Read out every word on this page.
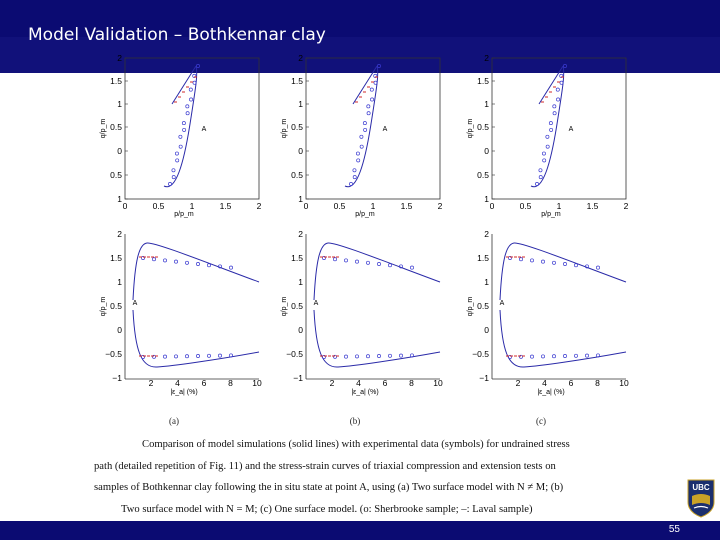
Model Validation – Bothkennar clay
2
1.5
1
0.5
0
0.5
1
0	0.5	1	1.5	2
p/p_m
q/p_m	A
2
1.5
1
0.5
0
−0.5
−1	2	4	6	8 10
|ε_a| (%)
q/p_m	A
(a)
2
1.5
1
0.5
0
0.5
1
0	0.5	1	1.5	2
p/p_m
q/p_m	A
2
1.5
1
0.5
0
−0.5
−1	2	4	6	8 10
|ε_a| (%)
q/p_m	A
(b)
2
1.5
1
0.5
0
0.5
1
0	0.5	1	1.5	2
p/p_m
q/p_m	A
2
1.5
1
0.5
0
−0.5
−1	2	4	6	8 10
|ε_a| (%)
q/p_m	A
(c)
Comparison of model simulations (solid lines) with experimental data (symbols) for undrained stress
path (detailed repetition of Fig. 11) and the stress-strain curves of triaxial compression and extension tests on
samples of Bothkennar clay following the in situ state at point A, using (a) Two surface model with N ≠ M; (b)
Two surface model with N = M; (c) One surface model. (o: Sherbrooke sample; –: Laval sample)
UBC
55
